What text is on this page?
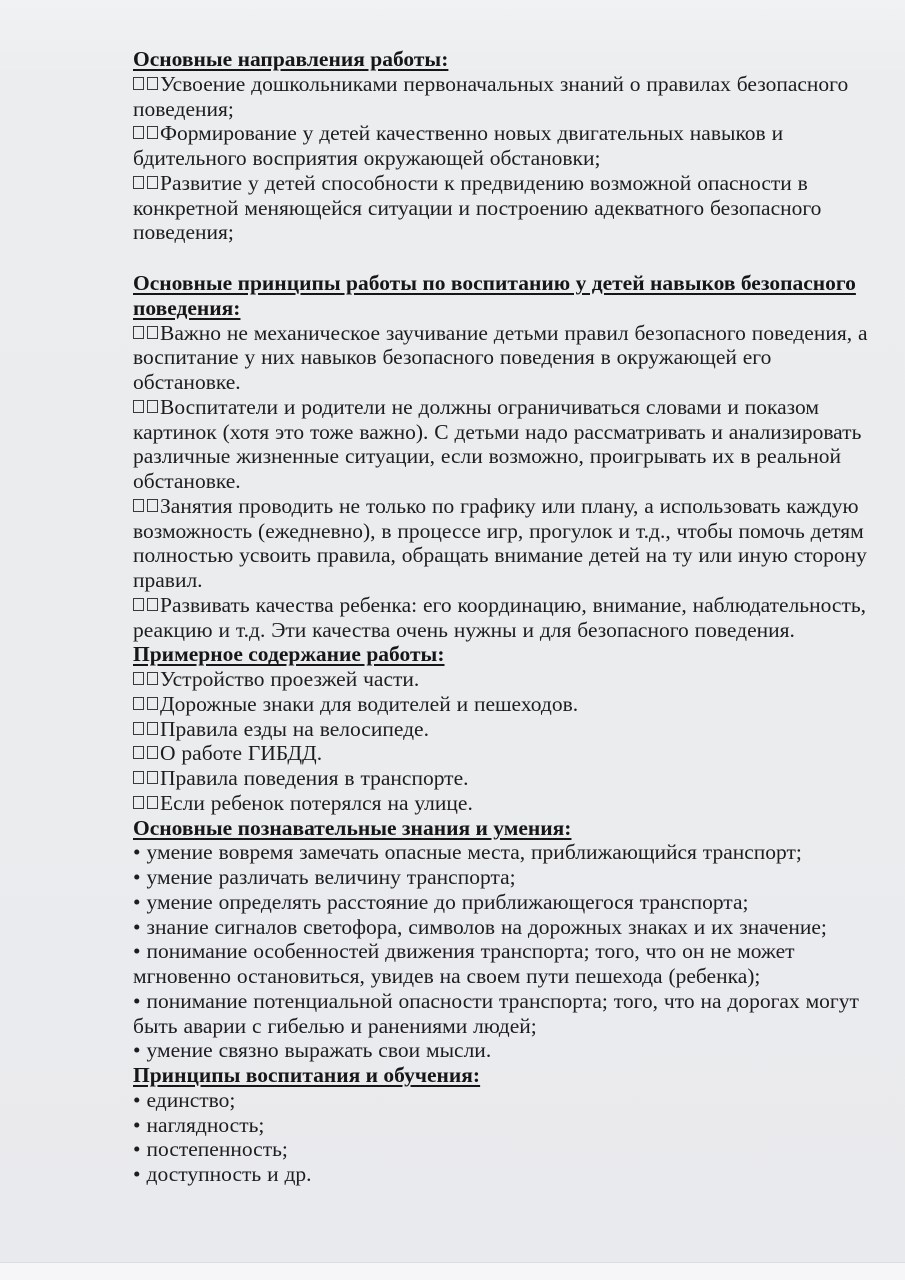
Основные направления работы:

Усвоение дошкольниками первоначальных знаний о правилах безопасного поведения;

Формирование у детей качественно новых двигательных навыков и бдительного восприятия окружающей обстановки;

Развитие у детей способности к предвидению возможной опасности в конкретной меняющейся ситуации и построению адекватного безопасного поведения;

Основные принципы работы по воспитанию у детей навыков безопасного поведения:

Важно не механическое заучивание детьми правил безопасного поведения, а воспитание у них навыков безопасного поведения в окружающей его обстановке.

Воспитатели и родители не должны ограничиваться словами и показом картинок (хотя это тоже важно). С детьми надо рассматривать и анализировать различные жизненные ситуации, если возможно, проигрывать их в реальной обстановке.

Занятия проводить не только по графику или плану, а использовать каждую возможность (ежедневно), в процессе игр, прогулок и т.д., чтобы помочь детям полностью усвоить правила, обращать внимание детей на ту или иную сторону правил.

Развивать качества ребенка: его координацию, внимание, наблюдательность, реакцию и т.д. Эти качества очень нужны и для безопасного поведения.

Примерное содержание работы:

Устройство проезжей части.

Дорожные знаки для водителей и пешеходов.

Правила езды на велосипеде.

О работе ГИБДД.

Правила поведения в транспорте.

Если ребенок потерялся на улице.

Основные познавательные знания и умения:

• умение вовремя замечать опасные места, приближающийся транспорт;

• умение различать величину транспорта;

• умение определять расстояние до приближающегося транспорта;

• знание сигналов светофора, символов на дорожных знаках и их значение;

• понимание особенностей движения транспорта; того, что он не может мгновенно остановиться, увидев на своем пути пешехода (ребенка);

• понимание потенциальной опасности транспорта; того, что на дорогах могут быть аварии с гибелью и ранениями людей;

• умение связно выражать свои мысли.

Принципы воспитания и обучения:

• единство;

• наглядность;

• постепенность;

• доступность и др.
